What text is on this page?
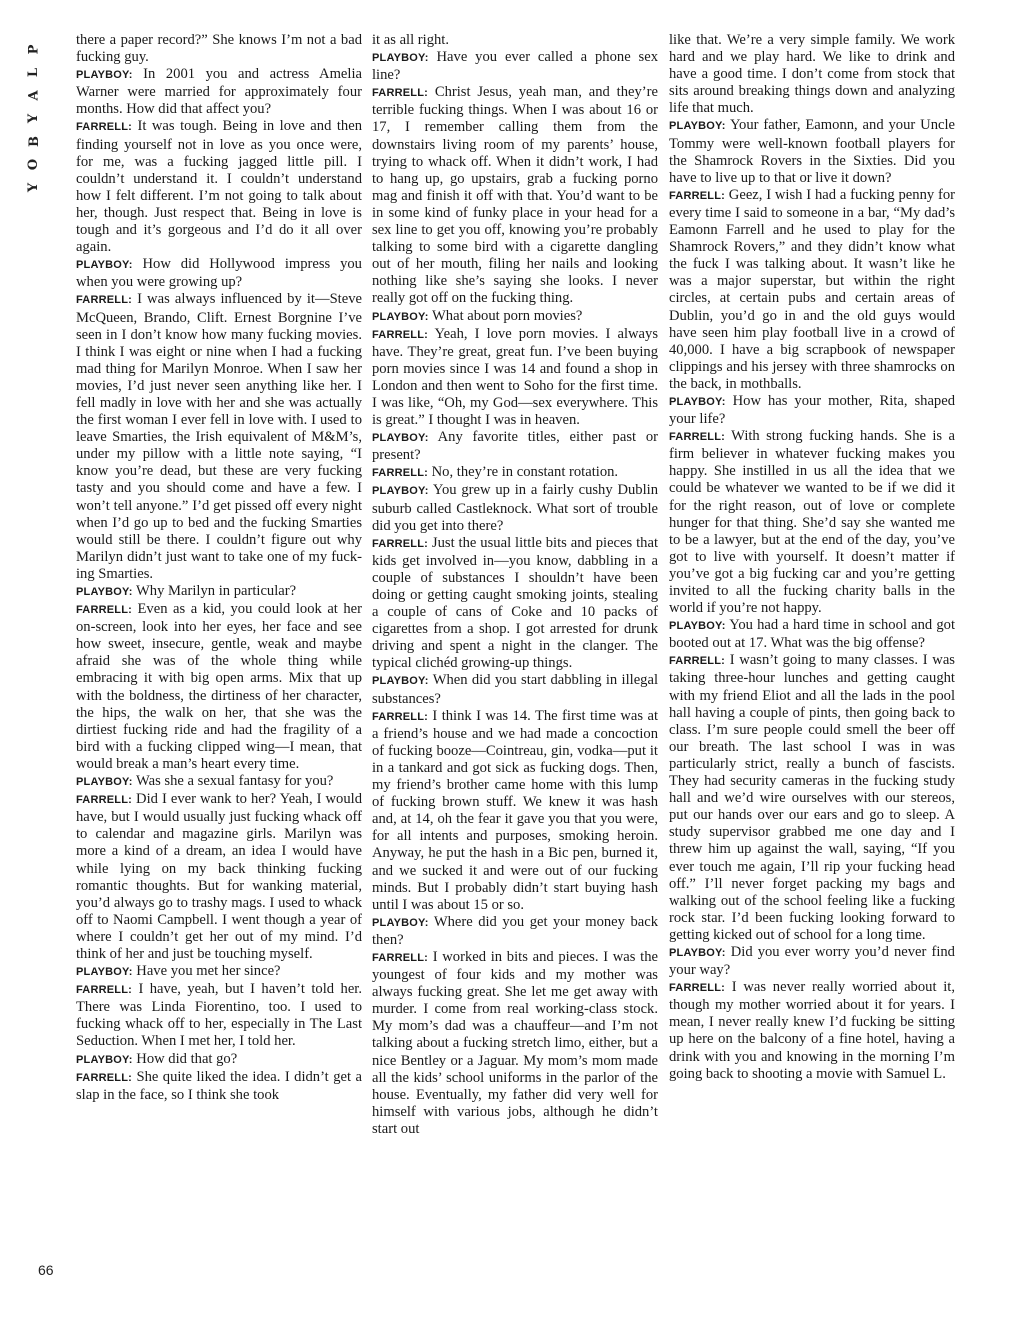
P
L
A
Y
B
O
Y
66

there a paper record?” She knows I’m not a bad fucking guy.

PLAYBOY: In 2001 you and actress Amelia Warner were married for approximately four months. How did that affect you?

FARRELL: It was tough. Being in love and then finding yourself not in love as you once were, for me, was a fucking jagged little pill. I couldn’t understand it. I couldn’t understand how I felt different. I’m not going to talk about her, though. Just respect that. Being in love is tough and it’s gorgeous and I’d do it all over again.

PLAYBOY: How did Hollywood impress you when you were growing up?

FARRELL: I was always influenced by it—Steve McQueen, Brando, Clift. Ernest Borgnine I’ve seen in I don’t know how many fucking movies. I think I was eight or nine when I had a fucking mad thing for Marilyn Monroe. When I saw her movies, I’d just never seen anything like her. I fell madly in love with her and she was actually the first woman I ever fell in love with. I used to leave Smarties, the Irish equivalent of M&M’s, under my pillow with a little note saying, “I know you’re dead, but these are very fucking tasty and you should come and have a few. I won’t tell anyone.” I’d get pissed off every night when I’d go up to bed and the fucking Smarties would still be there. I couldn’t figure out why Marilyn didn’t just want to take one of my fuck-ing Smarties.

PLAYBOY: Why Marilyn in particular?

FARRELL: Even as a kid, you could look at her on-screen, look into her eyes, her face and see how sweet, insecure, gentle, weak and maybe afraid she was of the whole thing while embracing it with big open arms. Mix that up with the boldness, the dirtiness of her character, the hips, the walk on her, that she was the dirtiest fucking ride and had the fragility of a bird with a fucking clipped wing—I mean, that would break a man’s heart every time.

PLAYBOY: Was she a sexual fantasy for you?

FARRELL: Did I ever wank to her? Yeah, I would have, but I would usually just fucking whack off to calendar and magazine girls. Marilyn was more a kind of a dream, an idea I would have while lying on my back thinking fucking romantic thoughts. But for wanking material, you’d always go to trashy mags. I used to whack off to Naomi Campbell. I went though a year of where I couldn’t get her out of my mind. I’d think of her and just be touching myself.

PLAYBOY: Have you met her since?

FARRELL: I have, yeah, but I haven’t told her. There was Linda Fiorentino, too. I used to fucking whack off to her, especially in The Last Seduction. When I met her, I told her.

PLAYBOY: How did that go?

FARRELL: She quite liked the idea. I didn’t get a slap in the face, so I think she took

it as all right.

PLAYBOY: Have you ever called a phone sex line?

FARRELL: Christ Jesus, yeah man, and they’re terrible fucking things. When I was about 16 or 17, I remember calling them from the downstairs living room of my parents’ house, trying to whack off. When it didn’t work, I had to hang up, go upstairs, grab a fucking porno mag and finish it off with that. You’d want to be in some kind of funky place in your head for a sex line to get you off, knowing you’re probably talking to some bird with a cigarette dangling out of her mouth, filing her nails and looking nothing like she’s saying she looks. I never really got off on the fucking thing.

PLAYBOY: What about porn movies?

FARRELL: Yeah, I love porn movies. I always have. They’re great, great fun. I’ve been buying porn movies since I was 14 and found a shop in London and then went to Soho for the first time. I was like, “Oh, my God—sex everywhere. This is great.” I thought I was in heaven.

PLAYBOY: Any favorite titles, either past or present?

FARRELL: No, they’re in constant rotation.

PLAYBOY: You grew up in a fairly cushy Dublin suburb called Castleknock. What sort of trouble did you get into there?

FARRELL: Just the usual little bits and pieces that kids get involved in—you know, dabbling in a couple of substances I shouldn’t have been doing or getting caught smoking joints, stealing a couple of cans of Coke and 10 packs of cigarettes from a shop. I got arrested for drunk driving and spent a night in the clanger. The typical clichéd growing-up things.

PLAYBOY: When did you start dabbling in illegal substances?

FARRELL: I think I was 14. The first time was at a friend’s house and we had made a concoction of fucking booze—Cointreau, gin, vodka—put it in a tankard and got sick as fucking dogs. Then, my friend’s brother came home with this lump of fucking brown stuff. We knew it was hash and, at 14, oh the fear it gave you that you were, for all intents and purposes, smoking heroin. Anyway, he put the hash in a Bic pen, burned it, and we sucked it and were out of our fucking minds. But I probably didn’t start buying hash until I was about 15 or so.

PLAYBOY: Where did you get your money back then?

FARRELL: I worked in bits and pieces. I was the youngest of four kids and my mother was always fucking great. She let me get away with murder. I come from real working-class stock. My mom’s dad was a chauffeur—and I’m not talking about a fucking stretch limo, either, but a nice Bentley or a Jaguar. My mom’s mom made all the kids’ school uniforms in the parlor of the house. Eventually, my father did very well for himself with various jobs, although he didn’t start out

like that. We’re a very simple family. We work hard and we play hard. We like to drink and have a good time. I don’t come from stock that sits around breaking things down and analyzing life that much.

PLAYBOY: Your father, Eamonn, and your Uncle Tommy were well-known football players for the Shamrock Rovers in the Sixties. Did you have to live up to that or live it down?

FARRELL: Geez, I wish I had a fucking penny for every time I said to someone in a bar, “My dad’s Eamonn Farrell and he used to play for the Shamrock Rovers,” and they didn’t know what the fuck I was talking about. It wasn’t like he was a major superstar, but within the right circles, at certain pubs and certain areas of Dublin, you’d go in and the old guys would have seen him play football live in a crowd of 40,000. I have a big scrapbook of newspaper clippings and his jersey with three shamrocks on the back, in mothballs.

PLAYBOY: How has your mother, Rita, shaped your life?

FARRELL: With strong fucking hands. She is a firm believer in whatever fucking makes you happy. She instilled in us all the idea that we could be whatever we wanted to be if we did it for the right reason, out of love or complete hunger for that thing. She’d say she wanted me to be a lawyer, but at the end of the day, you’ve got to live with yourself. It doesn’t matter if you’ve got a big fucking car and you’re getting invited to all the fucking charity balls in the world if you’re not happy.

PLAYBOY: You had a hard time in school and got booted out at 17. What was the big offense?

FARRELL: I wasn’t going to many classes. I was taking three-hour lunches and getting caught with my friend Eliot and all the lads in the pool hall having a couple of pints, then going back to class. I’m sure people could smell the beer off our breath. The last school I was in was particularly strict, really a bunch of fascists. They had security cameras in the fucking study hall and we’d wire ourselves with our stereos, put our hands over our ears and go to sleep. A study supervisor grabbed me one day and I threw him up against the wall, saying, “If you ever touch me again, I’ll rip your fucking head off.” I’ll never forget packing my bags and walking out of the school feeling like a fucking rock star. I’d been fucking looking forward to getting kicked out of school for a long time.

PLAYBOY: Did you ever worry you’d never find your way?

FARRELL: I was never really worried about it, though my mother worried about it for years. I mean, I never really knew I’d fucking be sitting up here on the balcony of a fine hotel, having a drink with you and knowing in the morning I’m going back to shooting a movie with Samuel L.
